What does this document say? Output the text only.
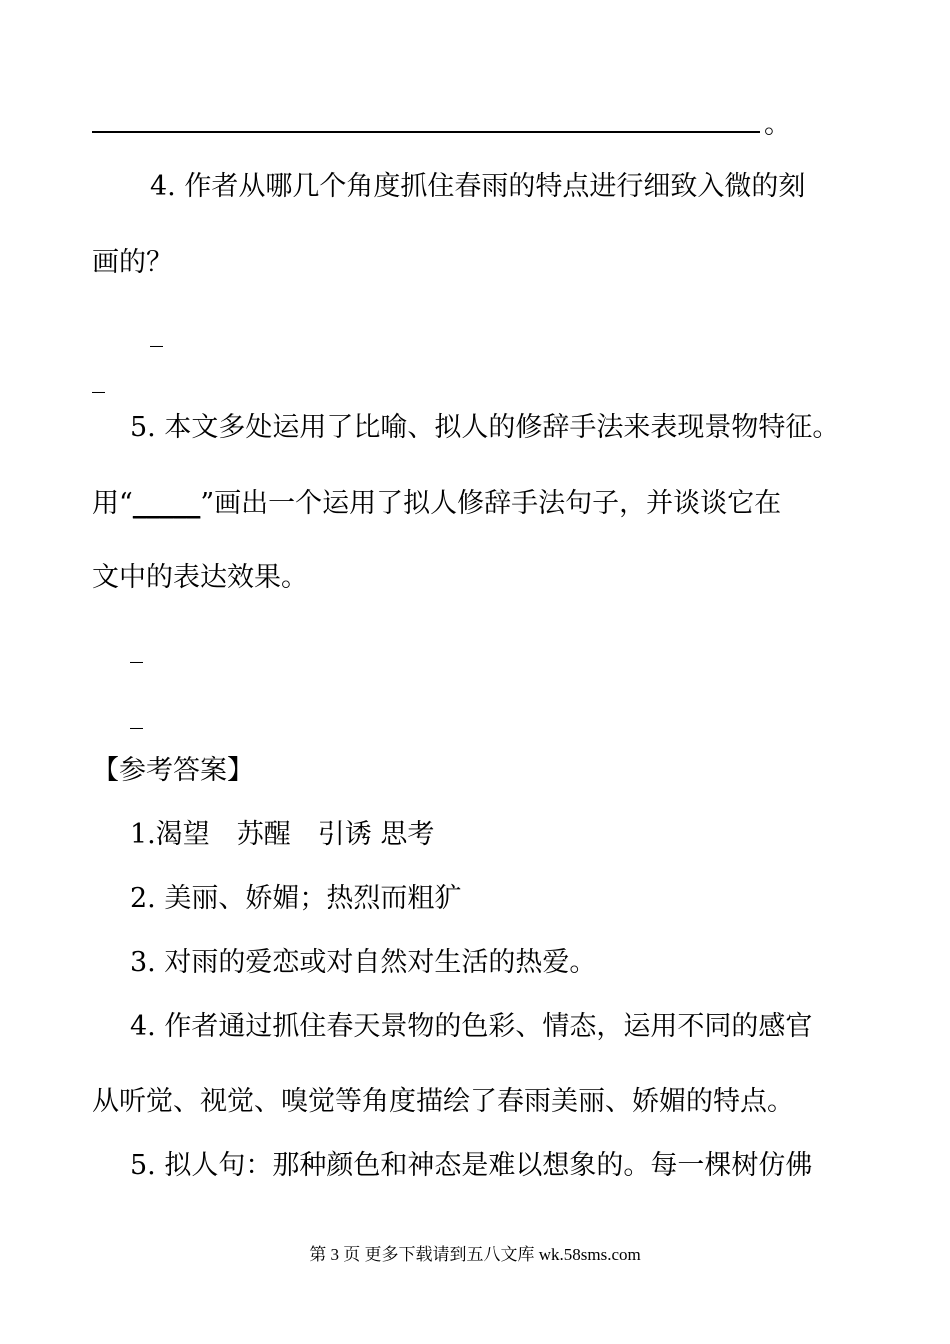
。
4. 作者从哪几个角度抓住春雨的特点进行细致入微的刻
画的？
_
_
5. 本文多处运用了比喻、拟人的修辞手法来表现景物特征。
用“_____”画出一个运用了拟人修辞手法句子，并谈谈它在
文中的表达效果。
_
_
【参考答案】
1.渴望　苏醒　引诱 思考
2. 美丽、娇媚；热烈而粗犷
3. 对雨的爱恋或对自然对生活的热爱。
4. 作者通过抓住春天景物的色彩、情态，运用不同的感官
从听觉、视觉、嗅觉等角度描绘了春雨美丽、娇媚的特点。
5. 拟人句：那种颜色和神态是难以想象的。每一棵树仿佛
第 3 页 更多下载请到五八文库 wk.58sms.com
